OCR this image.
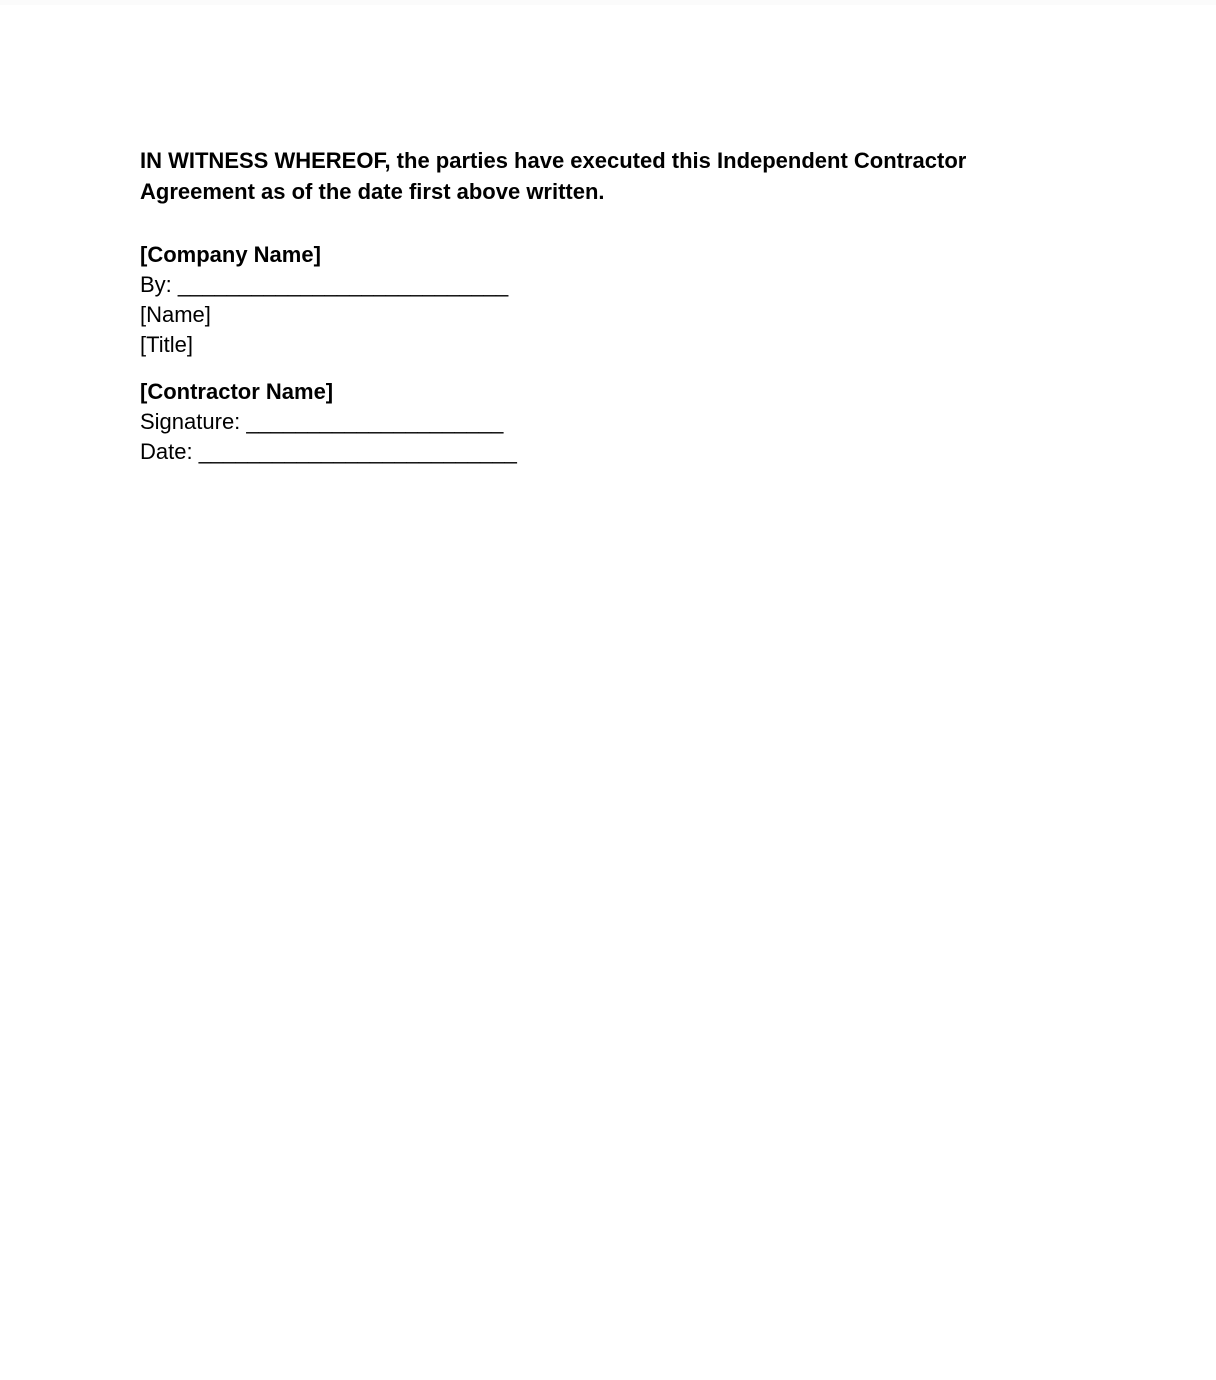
IN WITNESS WHEREOF, the parties have executed this Independent Contractor Agreement as of the date first above written.

[Company Name]

By: ___________________________

[Name]

[Title]

[Contractor Name]

Signature: _____________________

Date: __________________________
